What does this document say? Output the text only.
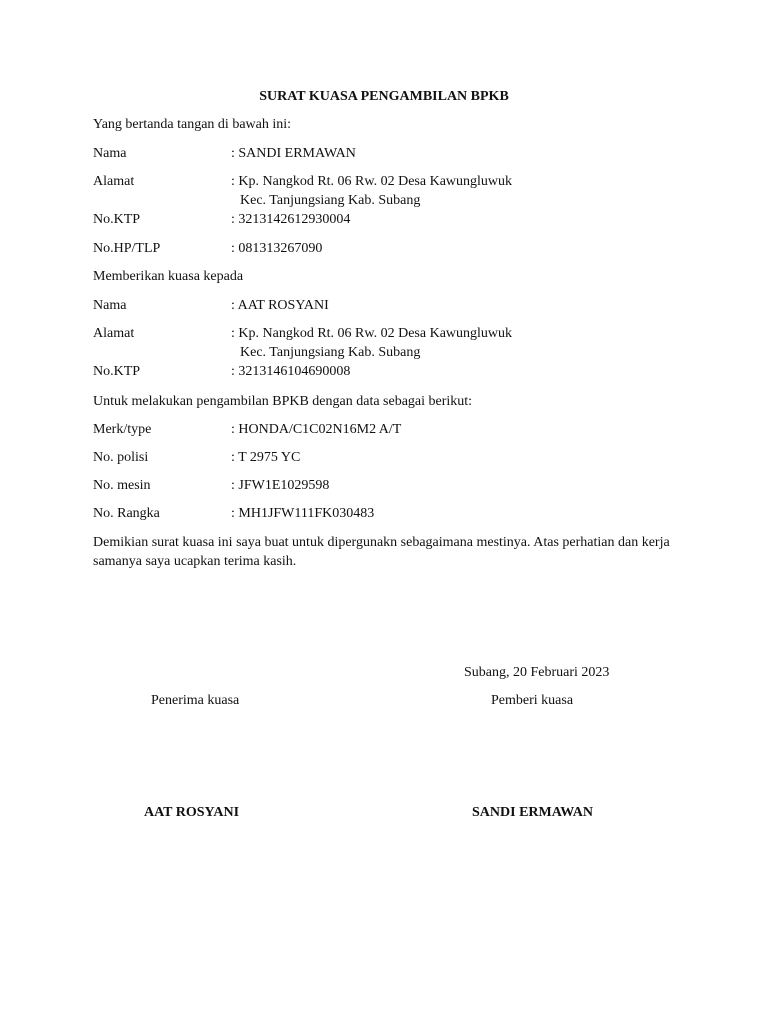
SURAT KUASA PENGAMBILAN BPKB
Yang bertanda tangan di bawah ini:
Nama	: SANDI ERMAWAN
Alamat	: Kp. Nangkod Rt. 06 Rw. 02 Desa Kawungluwuk
Kec. Tanjungsiang Kab. Subang
No.KTP	: 3213142612930004
No.HP/TLP	: 081313267090
Memberikan kuasa kepada
Nama	: AAT ROSYANI
Alamat	: Kp. Nangkod Rt. 06 Rw. 02 Desa Kawungluwuk
Kec. Tanjungsiang Kab. Subang
No.KTP	: 3213146104690008
Untuk melakukan pengambilan BPKB dengan data sebagai berikut:
Merk/type	: HONDA/C1C02N16M2 A/T
No. polisi	: T 2975 YC
No. mesin	: JFW1E1029598
No. Rangka	: MH1JFW111FK030483
Demikian surat kuasa ini saya buat untuk dipergunakn sebagaimana mestinya. Atas perhatian dan kerja samanya saya ucapkan terima kasih.
Subang, 20 Februari 2023
Penerima kuasa	Pemberi kuasa
AAT ROSYANI	SANDI ERMAWAN
